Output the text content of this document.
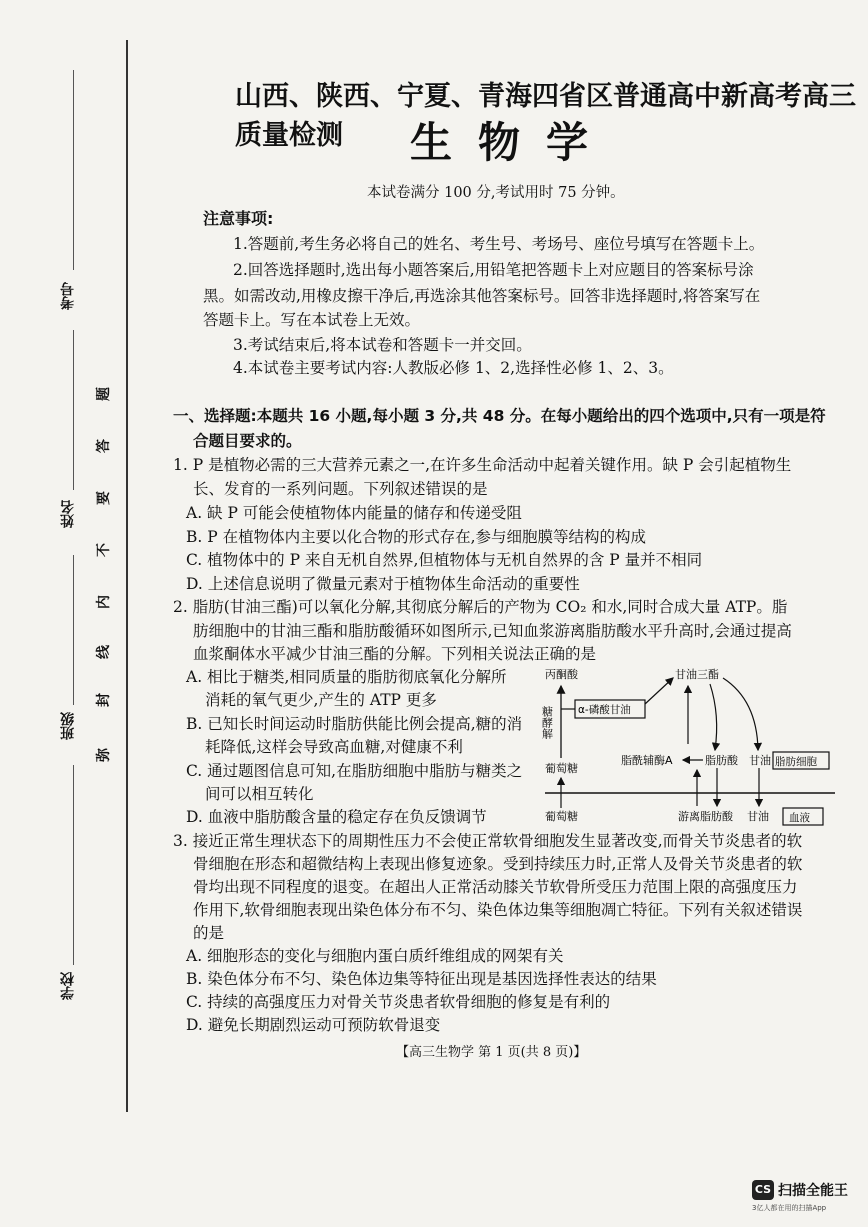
考号
姓名
班级
学校
弥
封
线
内
不
要
答
题
山西、陕西、宁夏、青海四省区普通高中新高考高三质量检测	生物学
本试卷满分 100 分,考试用时 75 分钟。
注意事项:
1.答题前,考生务必将自己的姓名、考生号、考场号、座位号填写在答题卡上。
2.回答选择题时,选出每小题答案后,用铅笔把答题卡上对应题目的答案标号涂
黑。如需改动,用橡皮擦干净后,再选涂其他答案标号。回答非选择题时,将答案写在
答题卡上。写在本试卷上无效。
3.考试结束后,将本试卷和答题卡一并交回。
4.本试卷主要考试内容:人教版必修 1、2,选择性必修 1、2、3。
一、选择题:本题共 16 小题,每小题 3 分,共 48 分。在每小题给出的四个选项中,只有一项是符
合题目要求的。
1. P 是植物必需的三大营养元素之一,在许多生命活动中起着关键作用。缺 P 会引起植物生
长、发育的一系列问题。下列叙述错误的是
A. 缺 P 可能会使植物体内能量的储存和传递受阻
B. P 在植物体内主要以化合物的形式存在,参与细胞膜等结构的构成
C. 植物体中的 P 来自无机自然界,但植物体与无机自然界的含 P 量并不相同
D. 上述信息说明了微量元素对于植物体生命活动的重要性
2. 脂肪(甘油三酯)可以氧化分解,其彻底分解后的产物为 CO₂ 和水,同时合成大量 ATP。脂
肪细胞中的甘油三酯和脂肪酸循环如图所示,已知血浆游离脂肪酸水平升高时,会通过提高
血浆酮体水平减少甘油三酯的分解。下列相关说法正确的是
A. 相比于糖类,相同质量的脂肪彻底氧化分解所
消耗的氧气更少,产生的 ATP 更多
B. 已知长时间运动时脂肪供能比例会提高,糖的消
耗降低,这样会导致高血糖,对健康不利
C. 通过题图信息可知,在脂肪细胞中脂肪与糖类之
间可以相互转化
D. 血液中脂肪酸含量的稳定存在负反馈调节
丙酮酸
糖酵解 α-磷酸甘油
甘油三酯
葡萄糖
脂酰辅酶A	脂肪酸 甘油 脂肪细胞
葡萄糖	游离脂肪酸 甘油 血液
3. 接近正常生理状态下的周期性压力不会使正常软骨细胞发生显著改变,而骨关节炎患者的软
骨细胞在形态和超微结构上表现出修复迹象。受到持续压力时,正常人及骨关节炎患者的软
骨均出现不同程度的退变。在超出人正常活动膝关节软骨所受压力范围上限的高强度压力
作用下,软骨细胞表现出染色体分布不匀、染色体边集等细胞凋亡特征。下列有关叙述错误
的是
A. 细胞形态的变化与细胞内蛋白质纤维组成的网架有关
B. 染色体分布不匀、染色体边集等特征出现是基因选择性表达的结果
C. 持续的高强度压力对骨关节炎患者软骨细胞的修复是有利的
D. 避免长期剧烈运动可预防软骨退变
【高三生物学 第 1 页(共 8 页)】
CS 扫描全能王
3亿人都在用的扫描App
